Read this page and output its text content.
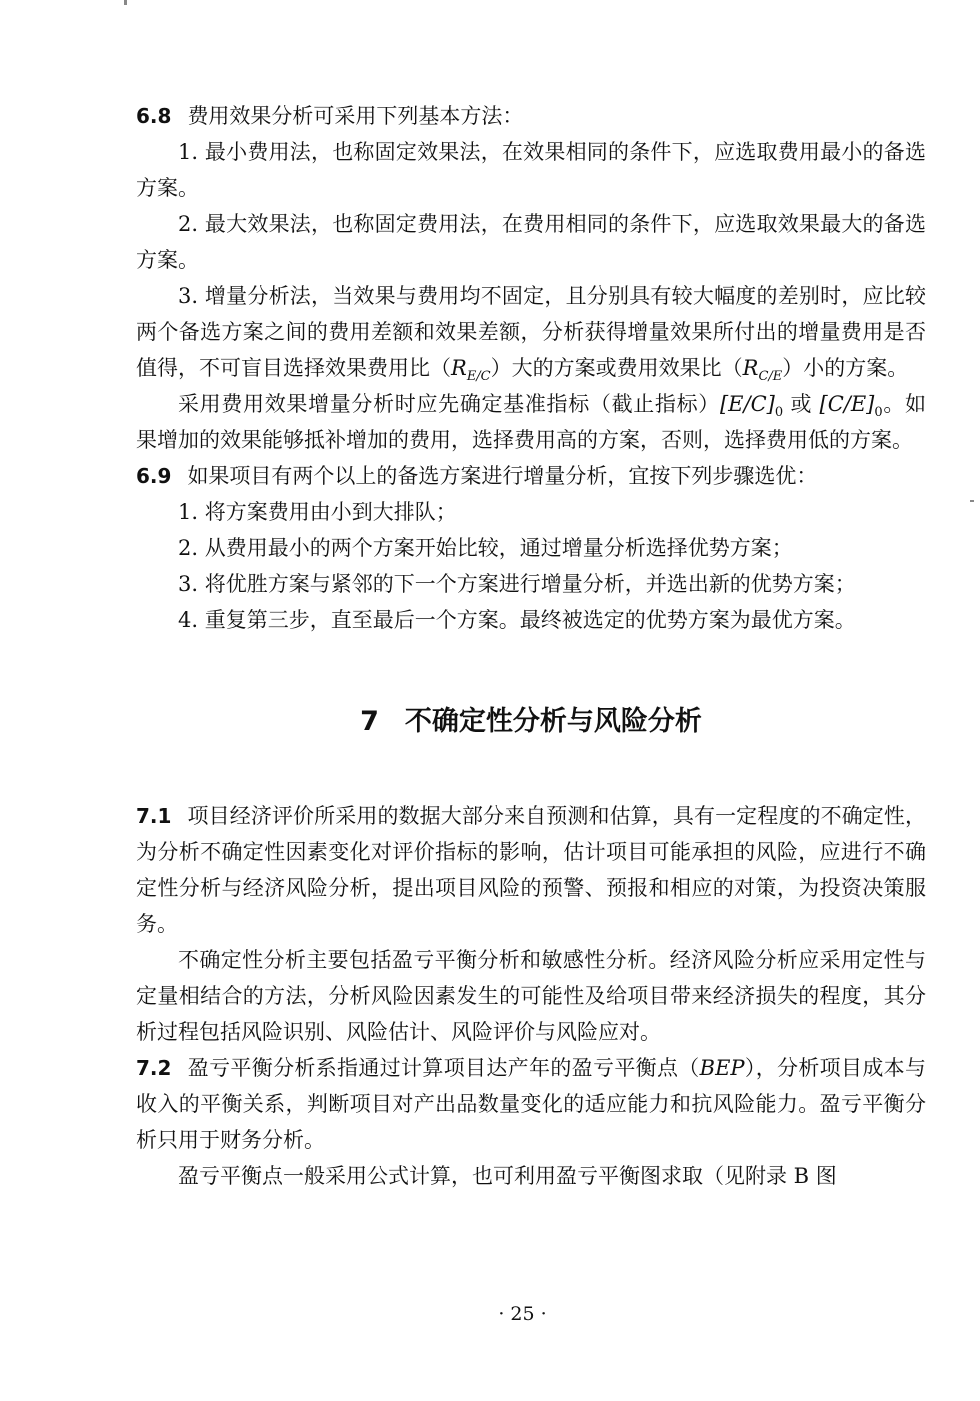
6.8 费用效果分析可采用下列基本方法：

1. 最小费用法，也称固定效果法，在效果相同的条件下，应选取费用最小的备选方案。

2. 最大效果法，也称固定费用法，在费用相同的条件下，应选取效果最大的备选方案。

3. 增量分析法，当效果与费用均不固定，且分别具有较大幅度的差别时，应比较两个备选方案之间的费用差额和效果差额，分析获得增量效果所付出的增量费用是否值得，不可盲目选择效果费用比$(R_{E/C})$大的方案或费用效果比$(R_{C/E})$小的方案。

采用费用效果增量分析时应先确定基准指标（截止指标）$[E/C]_0$ 或 $[C/E]_0$。如果增加的效果能够抵补增加的费用，选择费用高的方案，否则，选择费用低的方案。

6.9 如果项目有两个以上的备选方案进行增量分析，宜按下列步骤选优：

1. 将方案费用由小到大排队；

2. 从费用最小的两个方案开始比较，通过增量分析选择优势方案；

3. 将优胜方案与紧邻的下一个方案进行增量分析，并选出新的优势方案；

4. 重复第三步，直至最后一个方案。最终被选定的优势方案为最优方案。

7 不确定性分析与风险分析

7.1 项目经济评价所采用的数据大部分来自预测和估算，具有一定程度的不确定性，为分析不确定性因素变化对评价指标的影响，估计项目可能承担的风险，应进行不确定性分析与经济风险分析，提出项目风险的预警、预报和相应的对策，为投资决策服务。

不确定性分析主要包括盈亏平衡分析和敏感性分析。经济风险分析应采用定性与定量相结合的方法，分析风险因素发生的可能性及给项目带来经济损失的程度，其分析过程包括风险识别、风险估计、风险评价与风险应对。

7.2 盈亏平衡分析系指通过计算项目达产年的盈亏平衡点（BEP），分析项目成本与收入的平衡关系，判断项目对产出品数量变化的适应能力和抗风险能力。盈亏平衡分析只用于财务分析。

盈亏平衡点一般采用公式计算，也可利用盈亏平衡图求取（见附录 B 图

· 25 ·
